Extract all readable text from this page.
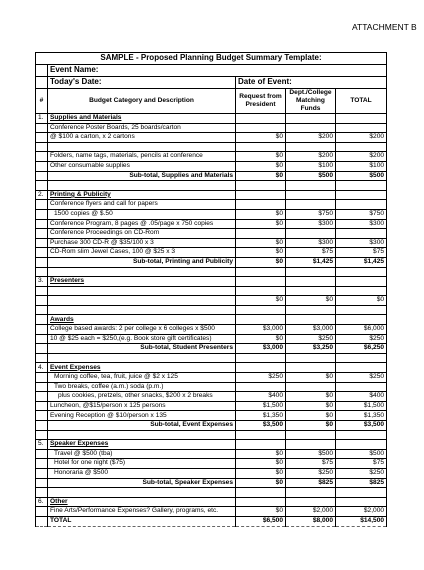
ATTACHMENT B
SAMPLE - Proposed Planning Budget Summary Template:				
	Event Name:			
	Today's Date:	Date of Event:		
#	Budget Category and Description	Request from President	Dept./College Matching Funds	TOTAL
1.	Supplies and Materials			
	Conference Poster Boards, 25 boards/carton			
	@ $100 a carton, x 2 cartons	$0	$200	$200

	Folders, name tags, materials, pencils at conference	$0	$200	$200
	Other consumable supplies	$0	$100	$100
	Sub-total, Supplies and Materials	$0	$500	$500

2.	Printing & Publicity			
	Conference flyers and call for papers			
	1500 copies @ $.50	$0	$750	$750
	Conference Program, 8 pages @ .05/page x 750 copies	$0	$300	$300
	Conference Proceedings on CD-Rom			
	Purchase 300 CD-R @ $35/100 x 3	$0	$300	$300
	CD-Rom slim Jewel Cases, 100 @ $25 x 3	$0	$75	$75
	Sub-total, Printing and Publicity	$0	$1,425	$1,425

3.	Presenters			

		$0	$0	$0

	Awards			
	College based awards: 2 per college x 6 colleges x $500	$3,000	$3,000	$6,000
	10 @ $25 each = $250,(e.g. Book store gift certificates)	$0	$250	$250
	Sub-total, Student Presenters	$3,000	$3,250	$6,250

4.	Event Expenses			
	Morning coffee, tea, fruit, juice @ $2 x 125	$250	$0	$250
	Two breaks, coffee (a.m.) soda (p.m.)			
	plus cookies, pretzels, other snacks, $200 x 2 breaks	$400	$0	$400
	Luncheon, @$15/person x 125 persons	$1,500	$0	$1,500
	Evening Reception @ $10/person x 135	$1,350	$0	$1,350
	Sub-total, Event Expenses	$3,500	$0	$3,500

5.	Speaker Expenses			
	Travel @ $500 (tba)	$0	$500	$500
	Hotel for one night ($75)	$0	$75	$75
	Honoraria @ $500	$0	$250	$250
	Sub-total, Speaker Expenses	$0	$825	$825

6.	Other			
	Fine Arts/Performance Expenses? Gallery, programs, etc.	$0	$2,000	$2,000
	TOTAL	$6,500	$8,000	$14,500
